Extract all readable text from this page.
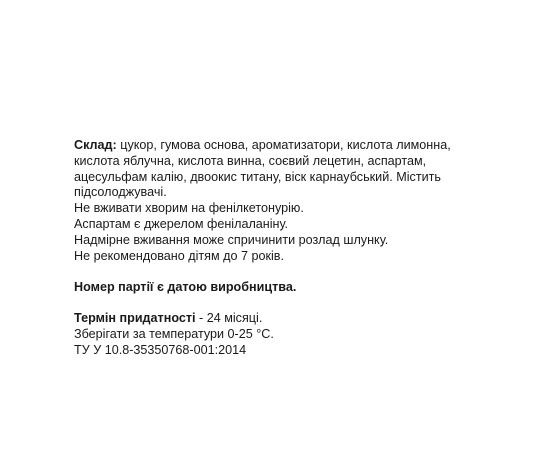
Склад: цукор, гумова основа, ароматизатори, кислота лимонна, кислота яблучна, кислота винна, соєвий лецетин, аспартам, ацесульфам калію, двоокис титану, віск карнаубський. Містить підсолоджувачі.

Не вживати хворим на фенілкетонурію.

Аспартам є джерелом фенілаланіну.

Надмірне вживання може спричинити розлад шлунку.

Не рекомендовано дітям до 7 років.

Номер партії є датою виробництва.

Термін придатності - 24 місяці.

Зберігати за температури 0-25 °С.

ТУ У 10.8-35350768-001:2014
